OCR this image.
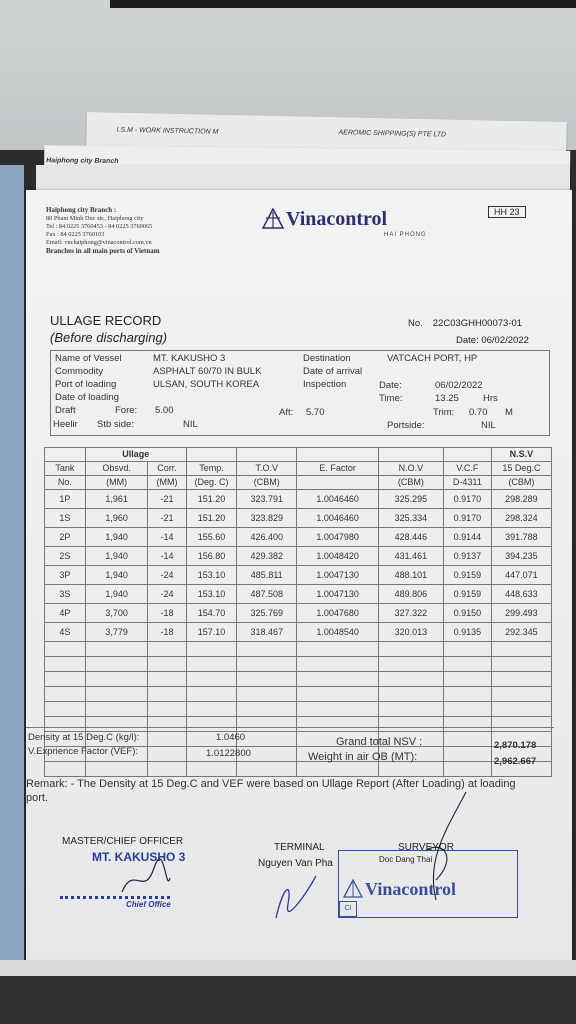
I.S.M - WORK INSTRUCTION M	AEROMIC SHIPPING(S) PTE LTD
Haiphong city Branch
Haiphong city Branch :
80 Pham Minh Duc str., Haiphong city
Tel : 84 0225 3760453 - 84 0225 3760065
Fax : 84 0225 3760103
Email: vnchaiphong@vinacontrol.com.vn
Branches in all main ports of Vietnam
Vinacontrol
HAI PHONG
HH 23
ULLAGE RECORD
(Before discharging)
No. 22C03GHH00073-01
Date: 06/02/2022
Name of Vessel	MT. KAKUSHO 3
Commodity	ASPHALT 60/70 IN BULK
Port of loading	ULSAN, SOUTH KOREA
Date of loading
Draft	Fore: 5.00	Aft: 5.70
Heelir Stb side:	NIL
Destination	VATCACH PORT, HP
Date of arrival
Inspection	Date:	06/02/2022
Time:	13.25	Hrs
Trim: 0.70 M
Portside:	NIL
	Ullage							N.S.V
Tank	Obsvd.	Corr.	Temp.	T.O.V	E. Factor	N.O.V	V.C.F	15 Deg.C
No.	(MM)	(MM)	(Deg. C)	(CBM)		(CBM)	D-4311	(CBM)
1P	1,961	-21	151.20	323.791	1.0046460	325.295	0.9170	298.289
1S	1,960	-21	151.20	323.829	1.0046460	325.334	0.9170	298.324
2P	1,940	-14	155.60	426.400	1.0047980	428.446	0.9144	391.788
2S	1,940	-14	156.80	429.382	1.0048420	431.461	0.9137	394.235
3P	1,940	-24	153.10	485.811	1.0047130	488.101	0.9159	447.071
3S	1,940	-24	153.10	487.508	1.0047130	489.806	0.9159	448.633
4P	3,700	-18	154.70	325.769	1.0047680	327.322	0.9150	299.493
4S	3,779	-18	157.10	318.467	1.0048540	320.013	0.9135	292.345

Density at 15 Deg.C (kg/l):	1.0460
V.Exprience Factor (VEF):	1.0122800
Grand total NSV :	2,870.178
Weight in air OB (MT):	2,962.667
Remark: - The Density at 15 Deg.C and VEF were based on Ullage Report (After Loading) at loading port.
MASTER/CHIEF OFFICER
MT. KAKUSHO 3
Chief Office
TERMINAL
Nguyen Van Pha
SURVEYOR
Doc Dang Thai
Vinacontrol
CI
